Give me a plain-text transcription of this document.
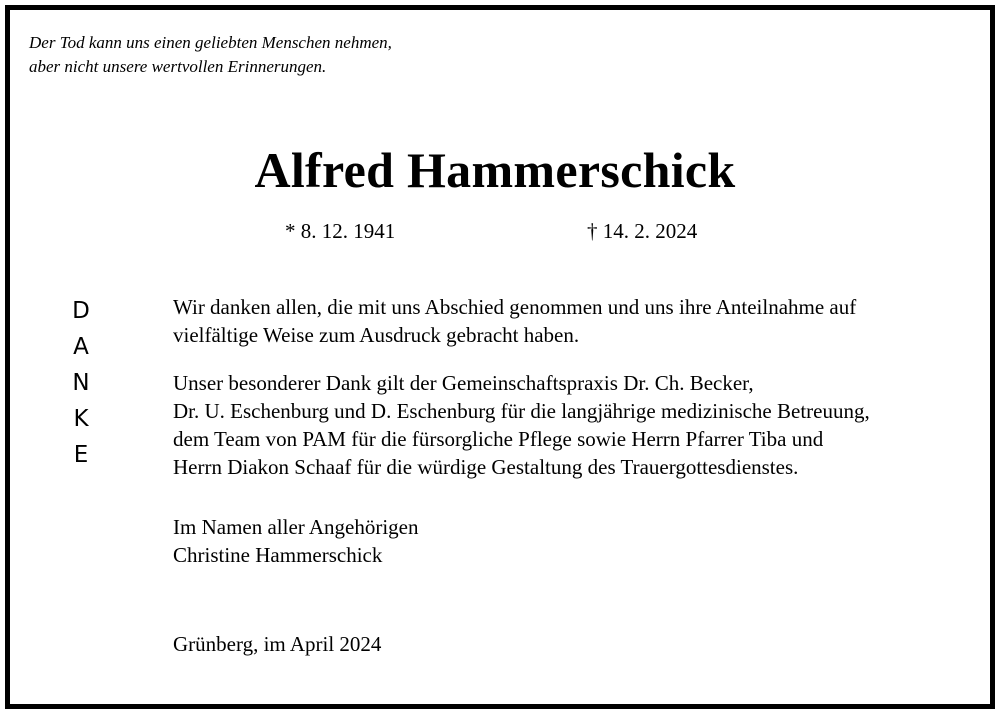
Der Tod kann uns einen geliebten Menschen nehmen,
aber nicht unsere wertvollen Erinnerungen.
Alfred Hammerschick
* 8. 12. 1941	† 14. 2. 2024
D
A
N
K
E
Wir danken allen, die mit uns Abschied genommen und uns ihre Anteilnahme auf
vielfältige Weise zum Ausdruck gebracht haben.
Unser besonderer Dank gilt der Gemeinschaftspraxis Dr. Ch. Becker,
Dr. U. Eschenburg und D. Eschenburg für die langjährige medizinische Betreuung,
dem Team von PAM für die fürsorgliche Pflege sowie Herrn Pfarrer Tiba und
Herrn Diakon Schaaf für die würdige Gestaltung des Trauergottesdienstes.
Im Namen aller Angehörigen
Christine Hammerschick
Grünberg, im April 2024
